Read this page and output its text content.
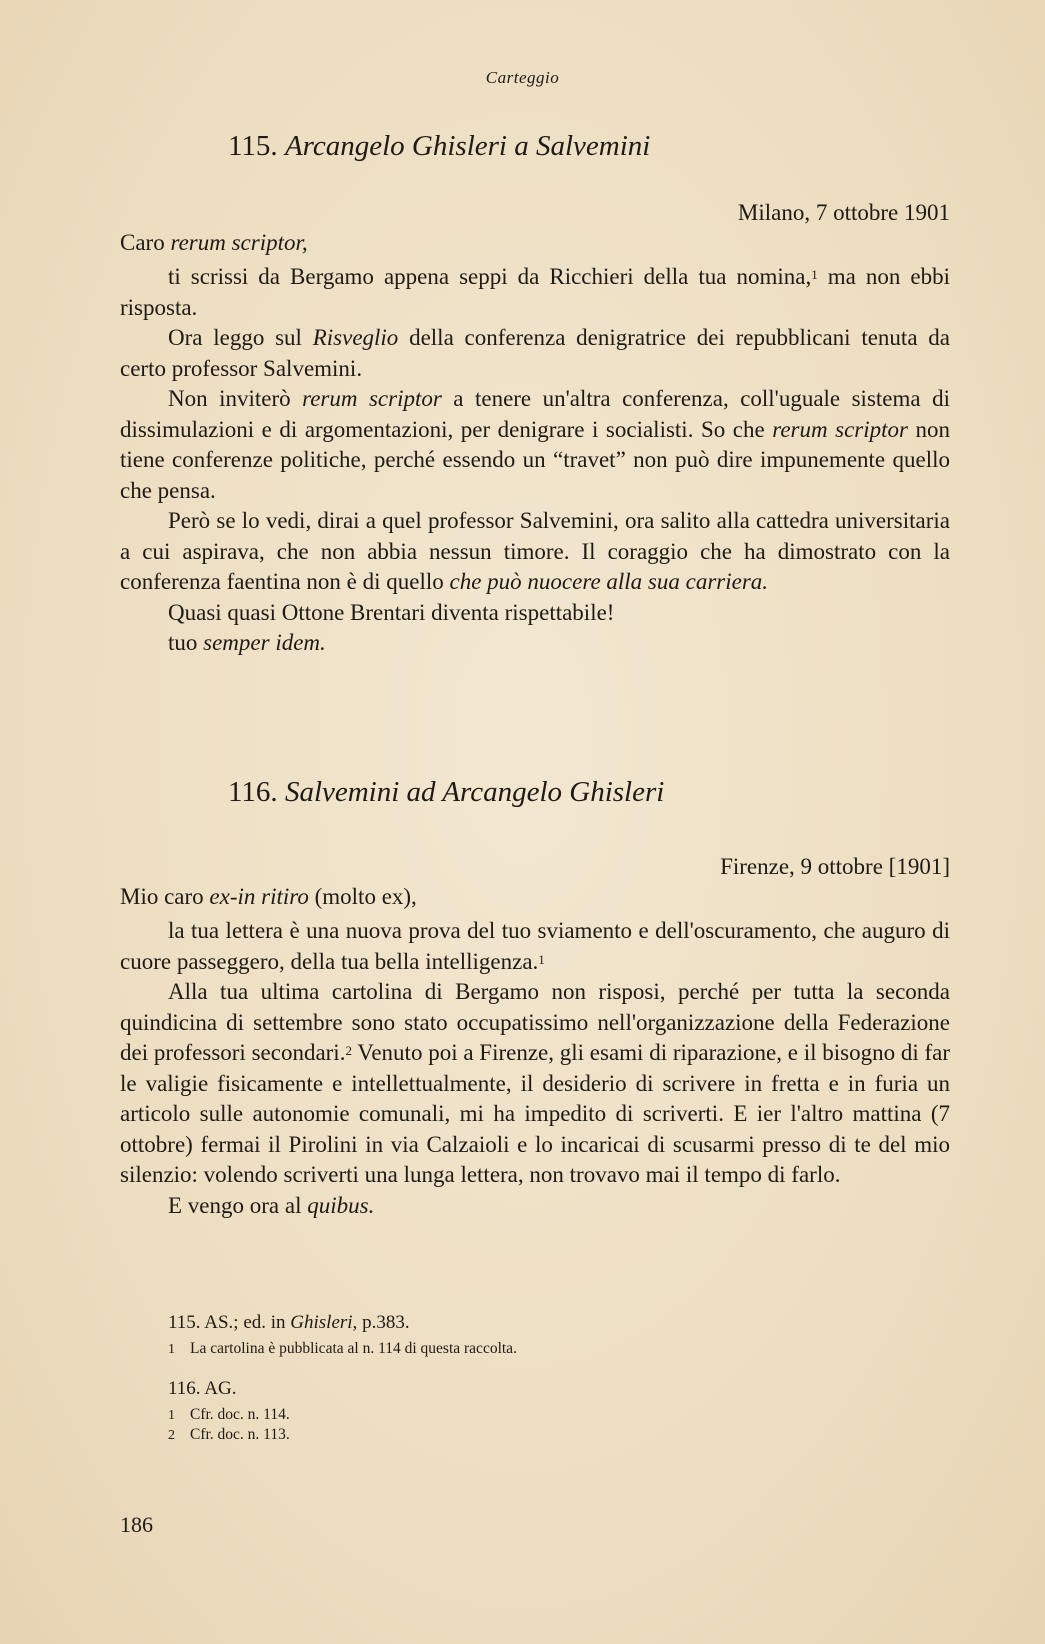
Carteggio
115. Arcangelo Ghisleri a Salvemini
Milano, 7 ottobre 1901
Caro rerum scriptor,

ti scrissi da Bergamo appena seppi da Ricchieri della tua nomina,$^1$ ma non ebbi risposta.

Ora leggo sul Risveglio della conferenza denigratrice dei repubblicani tenuta da certo professor Salvemini.

Non inviterò rerum scriptor a tenere un'altra conferenza, coll'uguale sistema di dissimulazioni e di argomentazioni, per denigrare i socialisti. So che rerum scriptor non tiene conferenze politiche, perché essendo un “travet” non può dire impunemente quello che pensa.

Però se lo vedi, dirai a quel professor Salvemini, ora salito alla cattedra universitaria a cui aspirava, che non abbia nessun timore. Il coraggio che ha dimostrato con la conferenza faentina non è di quello che può nuocere alla sua carriera.

Quasi quasi Ottone Brentari diventa rispettabile!

tuo semper idem.

116. Salvemini ad Arcangelo Ghisleri
Firenze, 9 ottobre [1901]
Mio caro ex-in ritiro (molto ex),

la tua lettera è una nuova prova del tuo sviamento e dell'oscuramento, che auguro di cuore passeggero, della tua bella intelligenza.$^1$

Alla tua ultima cartolina di Bergamo non risposi, perché per tutta la seconda quindicina di settembre sono stato occupatissimo nell'organizzazione della Federazione dei professori secondari.$^2$ Venuto poi a Firenze, gli esami di riparazione, e il bisogno di far le valigie fisicamente e intellettualmente, il desiderio di scrivere in fretta e in furia un articolo sulle autonomie comunali, mi ha impedito di scriverti. E ier l'altro mattina (7 ottobre) fermai il Pirolini in via Calzaioli e lo incaricai di scusarmi presso di te del mio silenzio: volendo scriverti una lunga lettera, non trovavo mai il tempo di farlo.

E vengo ora al quibus.

115. AS.; ed. in Ghisleri, p.383.
1 La cartolina è pubblicata al n. 114 di questa raccolta.
116. AG.
1 Cfr. doc. n. 114.
2 Cfr. doc. n. 113.
186
